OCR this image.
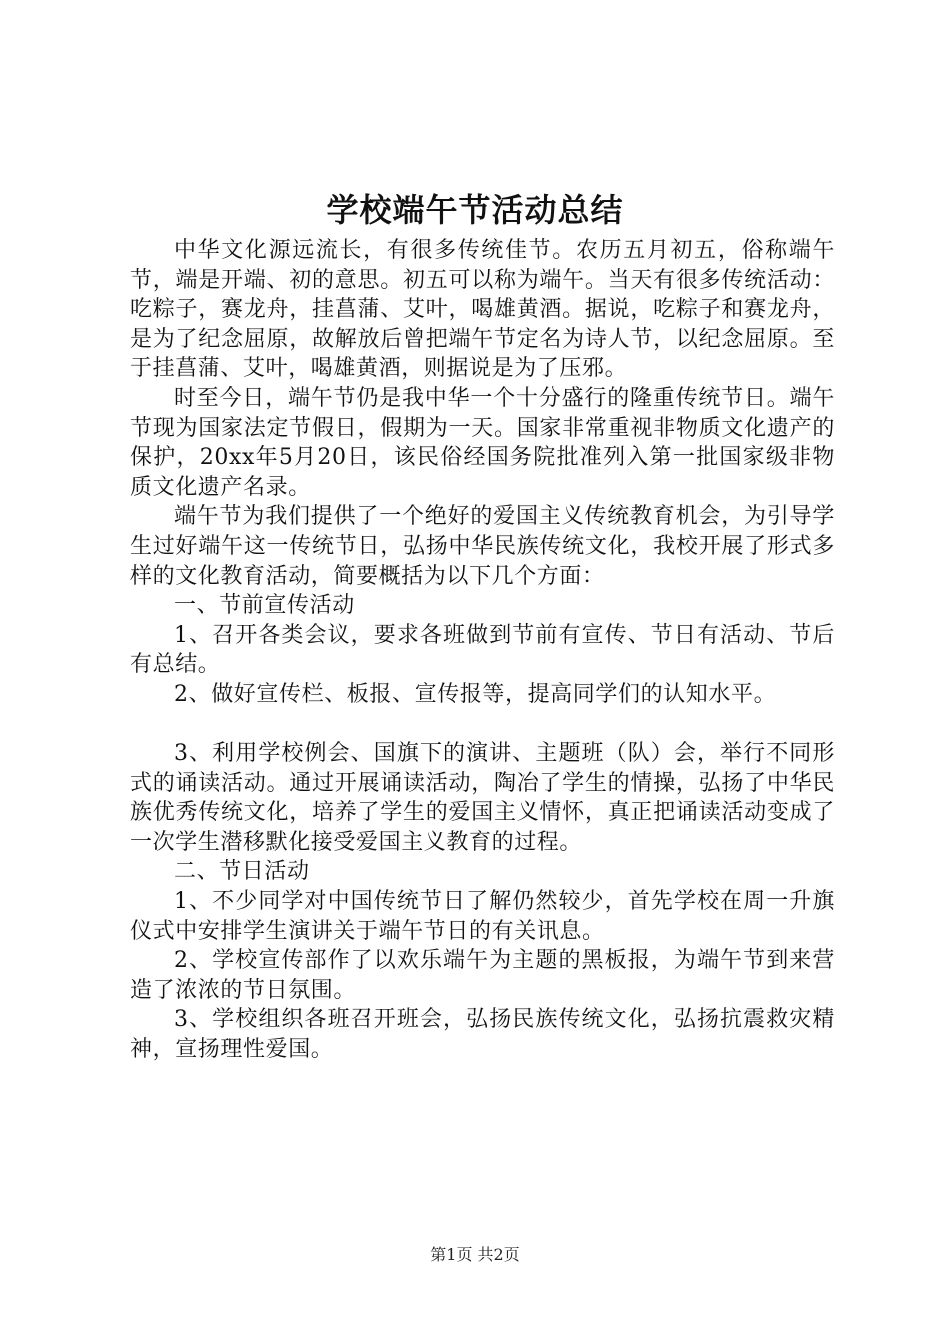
学校端午节活动总结

中华文化源远流长，有很多传统佳节。农历五月初五，俗称端午节，端是开端、初的意思。初五可以称为端午。当天有很多传统活动：吃粽子，赛龙舟，挂菖蒲、艾叶，喝雄黄酒。据说，吃粽子和赛龙舟，是为了纪念屈原，故解放后曾把端午节定名为诗人节，以纪念屈原。至于挂菖蒲、艾叶，喝雄黄酒，则据说是为了压邪。

时至今日，端午节仍是我中华一个十分盛行的隆重传统节日。端午节现为国家法定节假日，假期为一天。国家非常重视非物质文化遗产的保护，20xx年5月20日，该民俗经国务院批准列入第一批国家级非物质文化遗产名录。

端午节为我们提供了一个绝好的爱国主义传统教育机会，为引导学生过好端午这一传统节日，弘扬中华民族传统文化，我校开展了形式多样的文化教育活动，简要概括为以下几个方面：

一、节前宣传活动

1、召开各类会议，要求各班做到节前有宣传、节日有活动、节后有总结。

2、做好宣传栏、板报、宣传报等，提高同学们的认知水平。

3、利用学校例会、国旗下的演讲、主题班（队）会，举行不同形式的诵读活动。通过开展诵读活动，陶冶了学生的情操，弘扬了中华民族优秀传统文化，培养了学生的爱国主义情怀，真正把诵读活动变成了一次学生潜移默化接受爱国主义教育的过程。

二、节日活动

1、不少同学对中国传统节日了解仍然较少，首先学校在周一升旗仪式中安排学生演讲关于端午节日的有关讯息。

2、学校宣传部作了以欢乐端午为主题的黑板报，为端午节到来营造了浓浓的节日氛围。

3、学校组织各班召开班会，弘扬民族传统文化，弘扬抗震救灾精神，宣扬理性爱国。

第1页 共2页
